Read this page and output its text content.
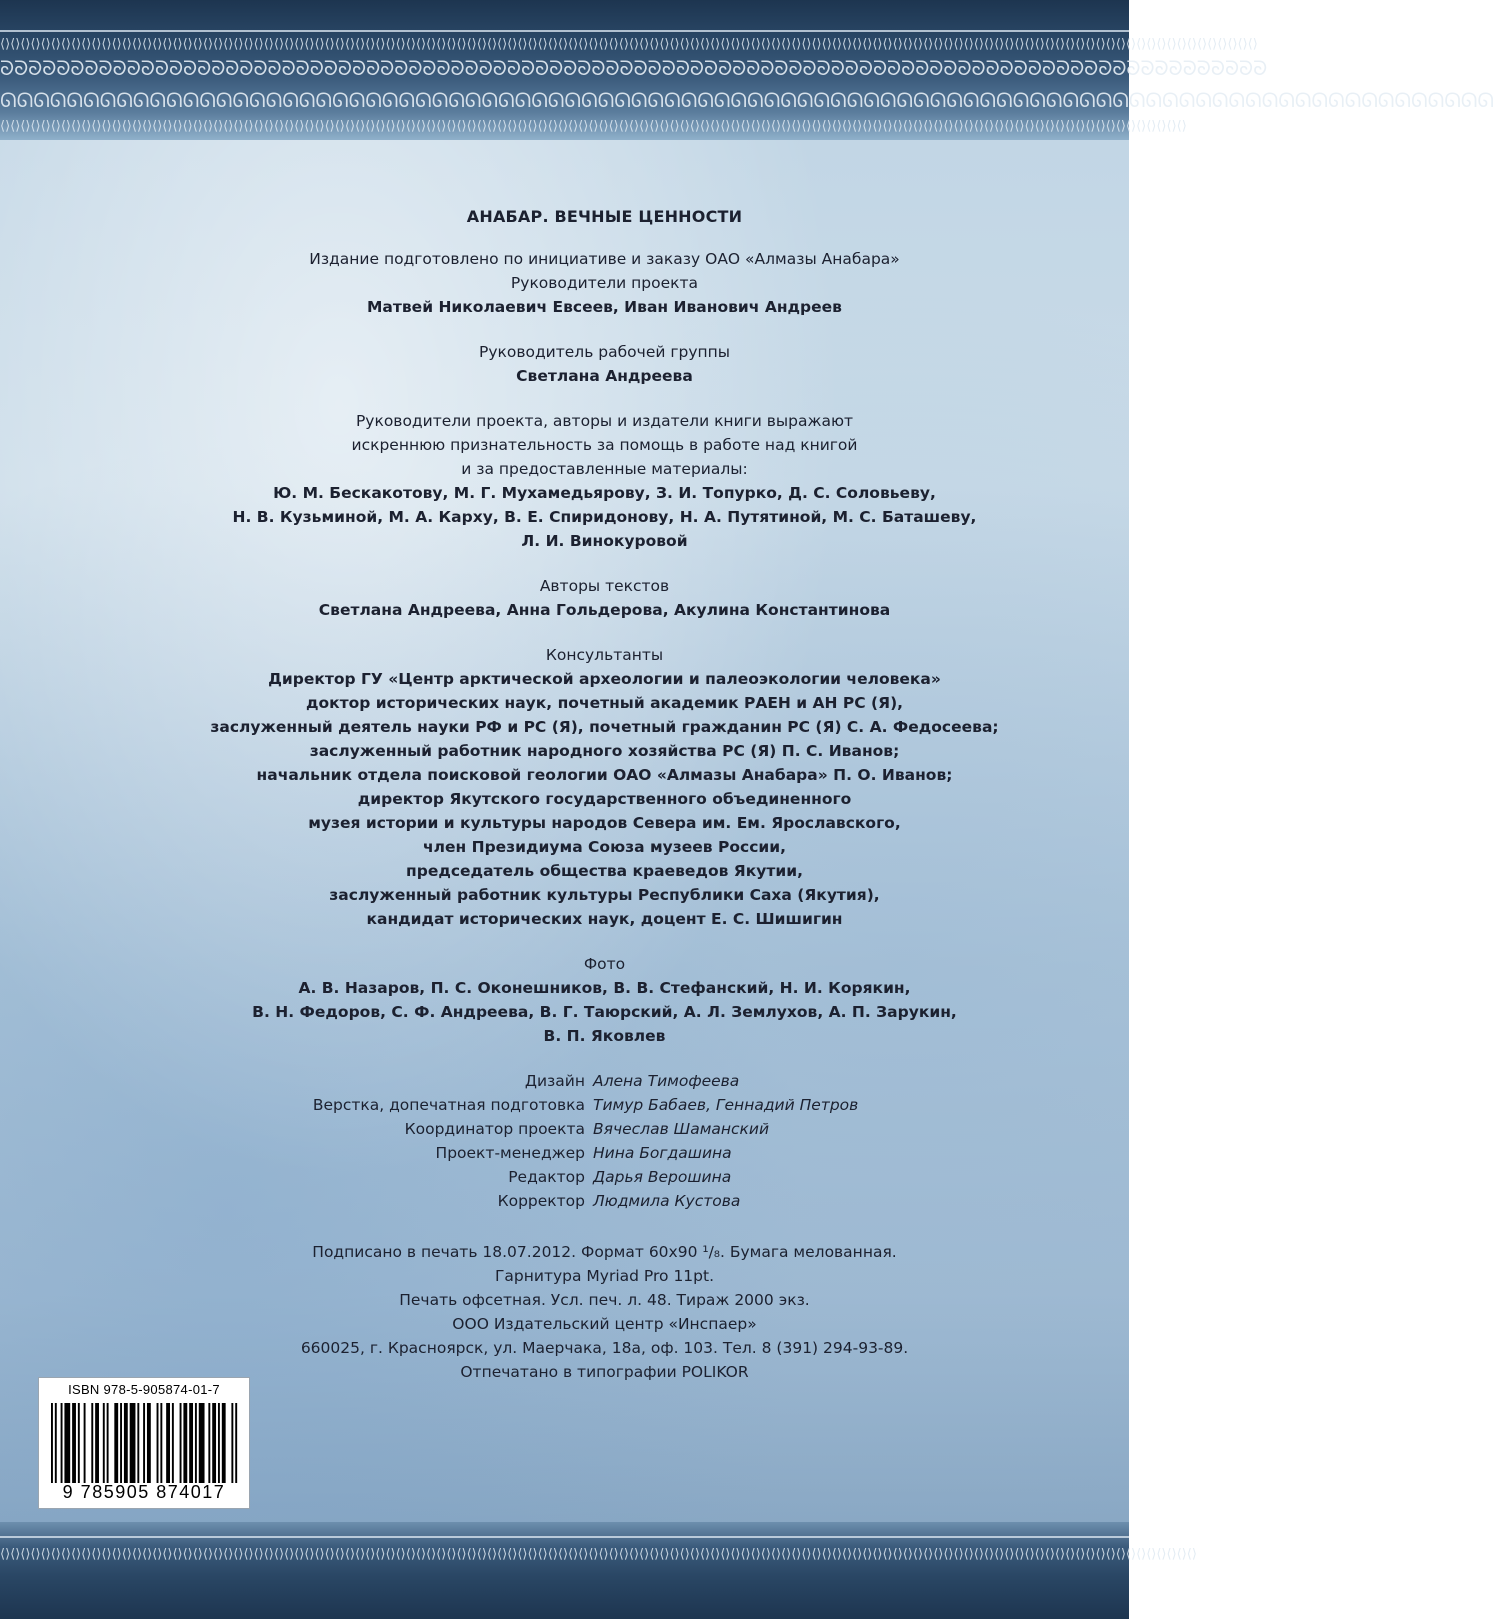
⟨⟩⟨⟩⟨⟩⟨⟩⟨⟩⟨⟩⟨⟩⟨⟩⟨⟩⟨⟩⟨⟩⟨⟩⟨⟩⟨⟩⟨⟩⟨⟩⟨⟩⟨⟩⟨⟩⟨⟩⟨⟩⟨⟩⟨⟩⟨⟩⟨⟩⟨⟩⟨⟩⟨⟩⟨⟩⟨⟩⟨⟩⟨⟩⟨⟩⟨⟩⟨⟩⟨⟩⟨⟩⟨⟩⟨⟩⟨⟩⟨⟩⟨⟩⟨⟩⟨⟩⟨⟩⟨⟩⟨⟩⟨⟩⟨⟩⟨⟩⟨⟩⟨⟩⟨⟩⟨⟩⟨⟩⟨⟩⟨⟩⟨⟩⟨⟩⟨⟩⟨⟩⟨⟩⟨⟩⟨⟩⟨⟩⟨⟩⟨⟩⟨⟩⟨⟩⟨⟩⟨⟩⟨⟩⟨⟩⟨⟩⟨⟩⟨⟩⟨⟩⟨⟩⟨⟩⟨⟩⟨⟩⟨⟩⟨⟩⟨⟩⟨⟩⟨⟩⟨⟩⟨⟩⟨⟩⟨⟩⟨⟩⟨⟩⟨⟩⟨⟩⟨⟩⟨⟩⟨⟩⟨⟩⟨⟩⟨⟩⟨⟩⟨⟩⟨⟩⟨⟩⟨⟩⟨⟩⟨⟩⟨⟩⟨⟩⟨⟩⟨⟩⟨⟩⟨⟩⟨⟩⟨⟩⟨⟩⟨⟩⟨⟩⟨⟩⟨⟩⟨⟩⟨⟩⟨⟩⟨⟩
ᘐᘐᘐᘐᘐᘐᘐᘐᘐᘐᘐᘐᘐᘐᘐᘐᘐᘐᘐᘐᘐᘐᘐᘐᘐᘐᘐᘐᘐᘐᘐᘐᘐᘐᘐᘐᘐᘐᘐᘐᘐᘐᘐᘐᘐᘐᘐᘐᘐᘐᘐᘐᘐᘐᘐᘐᘐᘐᘐᘐᘐᘐᘐᘐᘐᘐᘐᘐᘐᘐᘐᘐᘐᘐᘐᘐᘐᘐᘐᘐᘐᘐᘐᘐᘐᘐᘐᘐᘐᘐ
ᘏᘏᘏᘏᘏᘏᘏᘏᘏᘏᘏᘏᘏᘏᘏᘏᘏᘏᘏᘏᘏᘏᘏᘏᘏᘏᘏᘏᘏᘏᘏᘏᘏᘏᘏᘏᘏᘏᘏᘏᘏᘏᘏᘏᘏᘏᘏᘏᘏᘏᘏᘏᘏᘏᘏᘏᘏᘏᘏᘏᘏᘏᘏᘏᘏᘏᘏᘏᘏᘏᘏᘏᘏᘏᘏᘏᘏᘏᘏᘏᘏᘏᘏᘏᘏᘏᘏᘏᘏᘏ
⟨⟩⟨⟩⟨⟩⟨⟩⟨⟩⟨⟩⟨⟩⟨⟩⟨⟩⟨⟩⟨⟩⟨⟩⟨⟩⟨⟩⟨⟩⟨⟩⟨⟩⟨⟩⟨⟩⟨⟩⟨⟩⟨⟩⟨⟩⟨⟩⟨⟩⟨⟩⟨⟩⟨⟩⟨⟩⟨⟩⟨⟩⟨⟩⟨⟩⟨⟩⟨⟩⟨⟩⟨⟩⟨⟩⟨⟩⟨⟩⟨⟩⟨⟩⟨⟩⟨⟩⟨⟩⟨⟩⟨⟩⟨⟩⟨⟩⟨⟩⟨⟩⟨⟩⟨⟩⟨⟩⟨⟩⟨⟩⟨⟩⟨⟩⟨⟩⟨⟩⟨⟩⟨⟩⟨⟩⟨⟩⟨⟩⟨⟩⟨⟩⟨⟩⟨⟩⟨⟩⟨⟩⟨⟩⟨⟩⟨⟩⟨⟩⟨⟩⟨⟩⟨⟩⟨⟩⟨⟩⟨⟩⟨⟩⟨⟩⟨⟩⟨⟩⟨⟩⟨⟩⟨⟩⟨⟩⟨⟩⟨⟩⟨⟩⟨⟩⟨⟩⟨⟩⟨⟩⟨⟩⟨⟩⟨⟩⟨⟩⟨⟩⟨⟩⟨⟩⟨⟩⟨⟩⟨⟩⟨⟩⟨⟩⟨⟩⟨⟩⟨⟩⟨⟩⟨⟩⟨⟩⟨⟩⟨⟩⟨⟩

АНАБАР. ВЕЧНЫЕ ЦЕННОСТИ

Издание подготовлено по инициативе и заказу ОАО «Алмазы Анабара»

Руководители проекта

Матвей Николаевич Евсеев, Иван Иванович Андреев

Руководитель рабочей группы

Светлана Андреева

Руководители проекта, авторы и издатели книги выражают

искреннюю признательность за помощь в работе над книгой

и за предоставленные материалы:

Ю. М. Бескакотову, М. Г. Мухамедьярову, З. И. Топурко, Д. С. Соловьеву,

Н. В. Кузьминой, М. А. Карху, В. Е. Спиридонову, Н. А. Путятиной, М. С. Баташеву,

Л. И. Винокуровой

Авторы текстов

Светлана Андреева, Анна Гольдерова, Акулина Константинова

Консультанты

Директор ГУ «Центр арктической археологии и палеоэкологии человека»

доктор исторических наук, почетный академик РАЕН и АН РС (Я),

заслуженный деятель науки РФ и РС (Я), почетный гражданин РС (Я) С. А. Федосеева;

заслуженный работник народного хозяйства РС (Я) П. С. Иванов;

начальник отдела поисковой геологии ОАО «Алмазы Анабара» П. О. Иванов;

директор Якутского государственного объединенного

музея истории и культуры народов Севера им. Ем. Ярославского,

член Президиума Союза музеев России,

председатель общества краеведов Якутии,

заслуженный работник культуры Республики Саха (Якутия),

кандидат исторических наук, доцент Е. С. Шишигин

Фото

А. В. Назаров, П. С. Оконешников, В. В. Стефанский, Н. И. Корякин,

В. Н. Федоров, С. Ф. Андреева, В. Г. Таюрский, А. Л. Землухов, А. П. Зарукин,

В. П. Яковлев

Дизайн Алена Тимофеева
Верстка, допечатная подготовка Тимур Бабаев, Геннадий Петров
Координатор проекта Вячеслав Шаманский
Проект-менеджер Нина Богдашина
Редактор Дарья Верошина
Корректор Людмила Кустова

Подписано в печать 18.07.2012. Формат 60x90 ¹/₈. Бумага мелованная.

Гарнитура Myriad Pro 11pt.

Печать офсетная. Усл. печ. л. 48. Тираж 2000 экз.

ООО Издательский центр «Инспаер»

660025, г. Красноярск, ул. Маерчака, 18а, оф. 103. Тел. 8 (391) 294-93-89.

Отпечатано в типографии POLIKOR

ISBN 978-5-905874-01-7
9 785905 874017
⟨⟩⟨⟩⟨⟩⟨⟩⟨⟩⟨⟩⟨⟩⟨⟩⟨⟩⟨⟩⟨⟩⟨⟩⟨⟩⟨⟩⟨⟩⟨⟩⟨⟩⟨⟩⟨⟩⟨⟩⟨⟩⟨⟩⟨⟩⟨⟩⟨⟩⟨⟩⟨⟩⟨⟩⟨⟩⟨⟩⟨⟩⟨⟩⟨⟩⟨⟩⟨⟩⟨⟩⟨⟩⟨⟩⟨⟩⟨⟩⟨⟩⟨⟩⟨⟩⟨⟩⟨⟩⟨⟩⟨⟩⟨⟩⟨⟩⟨⟩⟨⟩⟨⟩⟨⟩⟨⟩⟨⟩⟨⟩⟨⟩⟨⟩⟨⟩⟨⟩⟨⟩⟨⟩⟨⟩⟨⟩⟨⟩⟨⟩⟨⟩⟨⟩⟨⟩⟨⟩⟨⟩⟨⟩⟨⟩⟨⟩⟨⟩⟨⟩⟨⟩⟨⟩⟨⟩⟨⟩⟨⟩⟨⟩⟨⟩⟨⟩⟨⟩⟨⟩⟨⟩⟨⟩⟨⟩⟨⟩⟨⟩⟨⟩⟨⟩⟨⟩⟨⟩⟨⟩⟨⟩⟨⟩⟨⟩⟨⟩⟨⟩⟨⟩⟨⟩⟨⟩⟨⟩⟨⟩⟨⟩⟨⟩⟨⟩⟨⟩⟨⟩⟨⟩⟨⟩⟨⟩⟨⟩⟨⟩⟨⟩⟨⟩
